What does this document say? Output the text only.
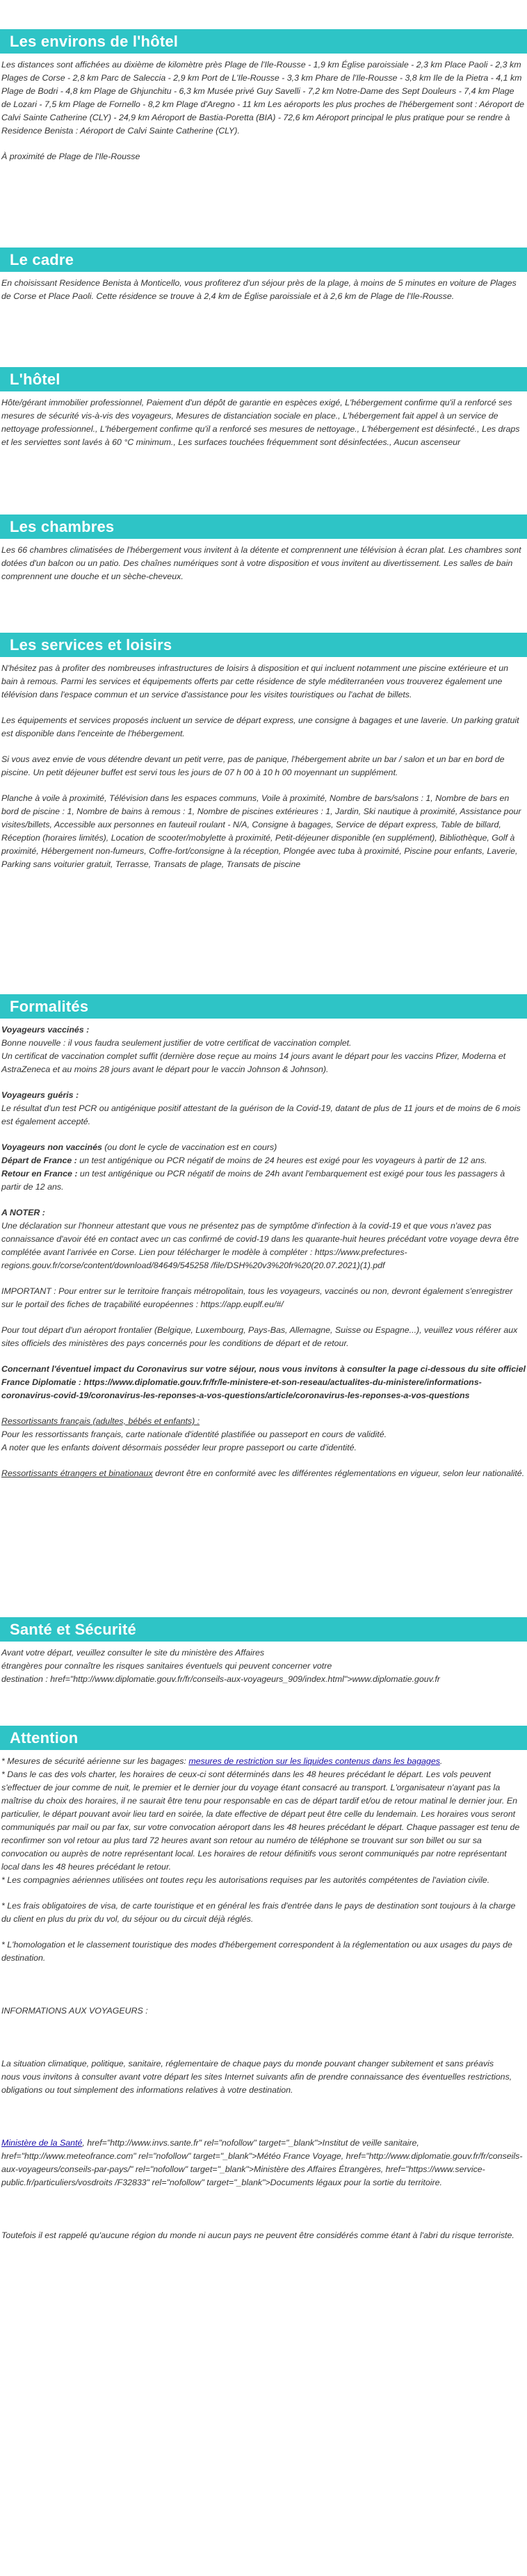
Les environs de l'hôtel

Les distances sont affichées au dixième de kilomètre près Plage de l'Ile-Rousse - 1,9 km Église paroissiale - 2,3 km Place Paoli - 2,3 km Plages de Corse - 2,8 km Parc de Saleccia - 2,9 km Port de L'Ile-Rousse - 3,3 km Phare de l'Ile-Rousse - 3,8 km Ile de la Pietra - 4,1 km Plage de Bodri - 4,8 km Plage de Ghjunchitu - 6,3 km Musée privé Guy Savelli - 7,2 km Notre-Dame des Sept Douleurs - 7,4 km Plage de Lozari - 7,5 km Plage de Fornello - 8,2 km Plage d'Aregno - 11 km Les aéroports les plus proches de l'hébergement sont : Aéroport de Calvi Sainte Catherine (CLY) - 24,9 km Aéroport de Bastia-Poretta (BIA) - 72,6 km Aéroport principal le plus pratique pour se rendre à Residence Benista : Aéroport de Calvi Sainte Catherine (CLY).

À proximité de Plage de l'Ile-Rousse

Le cadre

En choisissant Residence Benista à Monticello, vous profiterez d'un séjour près de la plage, à moins de 5 minutes en voiture de Plages de Corse et Place Paoli. Cette résidence se trouve à 2,4 km de Église paroissiale et à 2,6 km de Plage de l'Ile-Rousse.

L'hôtel

Hôte/gérant immobilier professionnel, Paiement d'un dépôt de garantie en espèces exigé, L'hébergement confirme qu'il a renforcé ses mesures de sécurité vis-à-vis des voyageurs, Mesures de distanciation sociale en place., L'hébergement fait appel à un service de nettoyage professionnel., L'hébergement confirme qu'il a renforcé ses mesures de nettoyage., L'hébergement est désinfecté., Les draps et les serviettes sont lavés à 60 °C minimum., Les surfaces touchées fréquemment sont désinfectées., Aucun ascenseur

Les chambres

Les 66 chambres climatisées de l'hébergement vous invitent à la détente et comprennent une télévision à écran plat. Les chambres sont dotées d'un balcon ou un patio. Des chaînes numériques sont à votre disposition et vous invitent au divertissement. Les salles de bain comprennent une douche et un sèche-cheveux.

Les services et loisirs

N'hésitez pas à profiter des nombreuses infrastructures de loisirs à disposition et qui incluent notamment une piscine extérieure et un bain à remous. Parmi les services et équipements offerts par cette résidence de style méditerranéen vous trouverez également une télévision dans l'espace commun et un service d'assistance pour les visites touristiques ou l'achat de billets.

Les équipements et services proposés incluent un service de départ express, une consigne à bagages et une laverie. Un parking gratuit est disponible dans l'enceinte de l'hébergement.

Si vous avez envie de vous détendre devant un petit verre, pas de panique, l'hébergement abrite un bar / salon et un bar en bord de piscine. Un petit déjeuner buffet est servi tous les jours de 07 h 00 à 10 h 00 moyennant un supplément.

Planche à voile à proximité, Télévision dans les espaces communs, Voile à proximité, Nombre de bars/salons : 1, Nombre de bars en bord de piscine : 1, Nombre de bains à remous : 1, Nombre de piscines extérieures : 1, Jardin, Ski nautique à proximité, Assistance pour visites/billets, Accessible aux personnes en fauteuil roulant - N/A, Consigne à bagages, Service de départ express, Table de billard, Réception (horaires limités), Location de scooter/mobylette à proximité, Petit-déjeuner disponible (en supplément), Bibliothèque, Golf à proximité, Hébergement non-fumeurs, Coffre-fort/consigne à la réception, Plongée avec tuba à proximité, Piscine pour enfants, Laverie, Parking sans voiturier gratuit, Terrasse, Transats de plage, Transats de piscine

Formalités

Voyageurs vaccinés :

Bonne nouvelle : il vous faudra seulement justifier de votre certificat de vaccination complet.

Un certificat de vaccination complet suffit (dernière dose reçue au moins 14 jours avant le départ pour les vaccins Pfizer, Moderna et AstraZeneca et au moins 28 jours avant le départ pour le vaccin Johnson & Johnson).

Voyageurs guéris :

Le résultat d'un test PCR ou antigénique positif attestant de la guérison de la Covid-19, datant de plus de 11 jours et de moins de 6 mois est également accepté.

Voyageurs non vaccinés (ou dont le cycle de vaccination est en cours)

Départ de France : un test antigénique ou PCR négatif de moins de 24 heures est exigé pour les voyageurs à partir de 12 ans.

Retour en France : un test antigénique ou PCR négatif de moins de 24h avant l'embarquement est exigé pour tous les passagers à partir de 12 ans.

A NOTER :

Une déclaration sur l'honneur attestant que vous ne présentez pas de symptôme d'infection à la covid-19 et que vous n'avez pas connaissance d'avoir été en contact avec un cas confirmé de covid-19 dans les quarante-huit heures précédant votre voyage devra être complétée avant l'arrivée en Corse. Lien pour télécharger le modèle à compléter : https://www.prefectures-regions.gouv.fr/corse/content/download/84649/545258 /file/DSH%20v3%20fr%20(20.07.2021)(1).pdf

IMPORTANT : Pour entrer sur le territoire français métropolitain, tous les voyageurs, vaccinés ou non, devront également s'enregistrer sur le portail des fiches de traçabilité européennes : https://app.euplf.eu/#/

Pour tout départ d'un aéroport frontalier (Belgique, Luxembourg, Pays-Bas, Allemagne, Suisse ou Espagne...), veuillez vous référer aux sites officiels des ministères des pays concernés pour les conditions de départ et de retour.

Concernant l'éventuel impact du Coronavirus sur votre séjour, nous vous invitons à consulter la page ci-dessous du site officiel France Diplomatie : https://www.diplomatie.gouv.fr/fr/le-ministere-et-son-reseau/actualites-du-ministere/informations-coronavirus-covid-19/coronavirus-les-reponses-a-vos-questions/article/coronavirus-les-reponses-a-vos-questions

Ressortissants français (adultes, bébés et enfants) :

Pour les ressortissants français, carte nationale d'identité plastifiée ou passeport en cours de validité.

A noter que les enfants doivent désormais posséder leur propre passeport ou carte d'identité.

Ressortissants étrangers et binationaux devront être en conformité avec les différentes réglementations en vigueur, selon leur nationalité.

Santé et Sécurité

Avant votre départ, veuillez consulter le site du ministère des Affaires

étrangères pour connaître les risques sanitaires éventuels qui peuvent concerner votre

destination : href="http://www.diplomatie.gouv.fr/fr/conseils-aux-voyageurs_909/index.html">www.diplomatie.gouv.fr

Attention

* Mesures de sécurité aérienne sur les bagages: mesures de restriction sur les liquides contenus dans les bagages.

* Dans le cas des vols charter, les horaires de ceux-ci sont déterminés dans les 48 heures précédant le départ. Les vols peuvent s'effectuer de jour comme de nuit, le premier et le dernier jour du voyage étant consacré au transport. L'organisateur n'ayant pas la maîtrise du choix des horaires, il ne saurait être tenu pour responsable en cas de départ tardif et/ou de retour matinal le dernier jour. En particulier, le départ pouvant avoir lieu tard en soirée, la date effective de départ peut être celle du lendemain. Les horaires vous seront communiqués par mail ou par fax, sur votre convocation aéroport dans les 48 heures précédant le départ. Chaque passager est tenu de reconfirmer son vol retour au plus tard 72 heures avant son retour au numéro de téléphone se trouvant sur son billet ou sur sa convocation ou auprès de notre représentant local. Les horaires de retour définitifs vous seront communiqués par notre représentant local dans les 48 heures précédant le retour.

* Les compagnies aériennes utilisées ont toutes reçu les autorisations requises par les autorités compétentes de l'aviation civile.

* Les frais obligatoires de visa, de carte touristique et en général les frais d'entrée dans le pays de destination sont toujours à la charge du client en plus du prix du vol, du séjour ou du circuit déjà réglés.

* L'homologation et le classement touristique des modes d'hébergement correspondent à la réglementation ou aux usages du pays de destination.

INFORMATIONS AUX VOYAGEURS :

La situation climatique, politique, sanitaire, réglementaire de chaque pays du monde pouvant changer subitement et sans préavis

nous vous invitons à consulter avant votre départ les sites Internet suivants afin de prendre connaissance des éventuelles restrictions, obligations ou tout simplement des informations relatives à votre destination.

Ministère de la Santé, href="http://www.invs.sante.fr" rel="nofollow" target="_blank">Institut de veille sanitaire, href="http://www.meteofrance.com" rel="nofollow" target="_blank">Météo France Voyage, href="http://www.diplomatie.gouv.fr/fr/conseils-aux-voyageurs/conseils-par-pays/" rel="nofollow" target="_blank">Ministère des Affaires Étrangères, href="https://www.service-public.fr/particuliers/vosdroits /F32833" rel="nofollow" target="_blank">Documents légaux pour la sortie du territoire.

Toutefois il est rappelé qu'aucune région du monde ni aucun pays ne peuvent être considérés comme étant à l'abri du risque terroriste.
